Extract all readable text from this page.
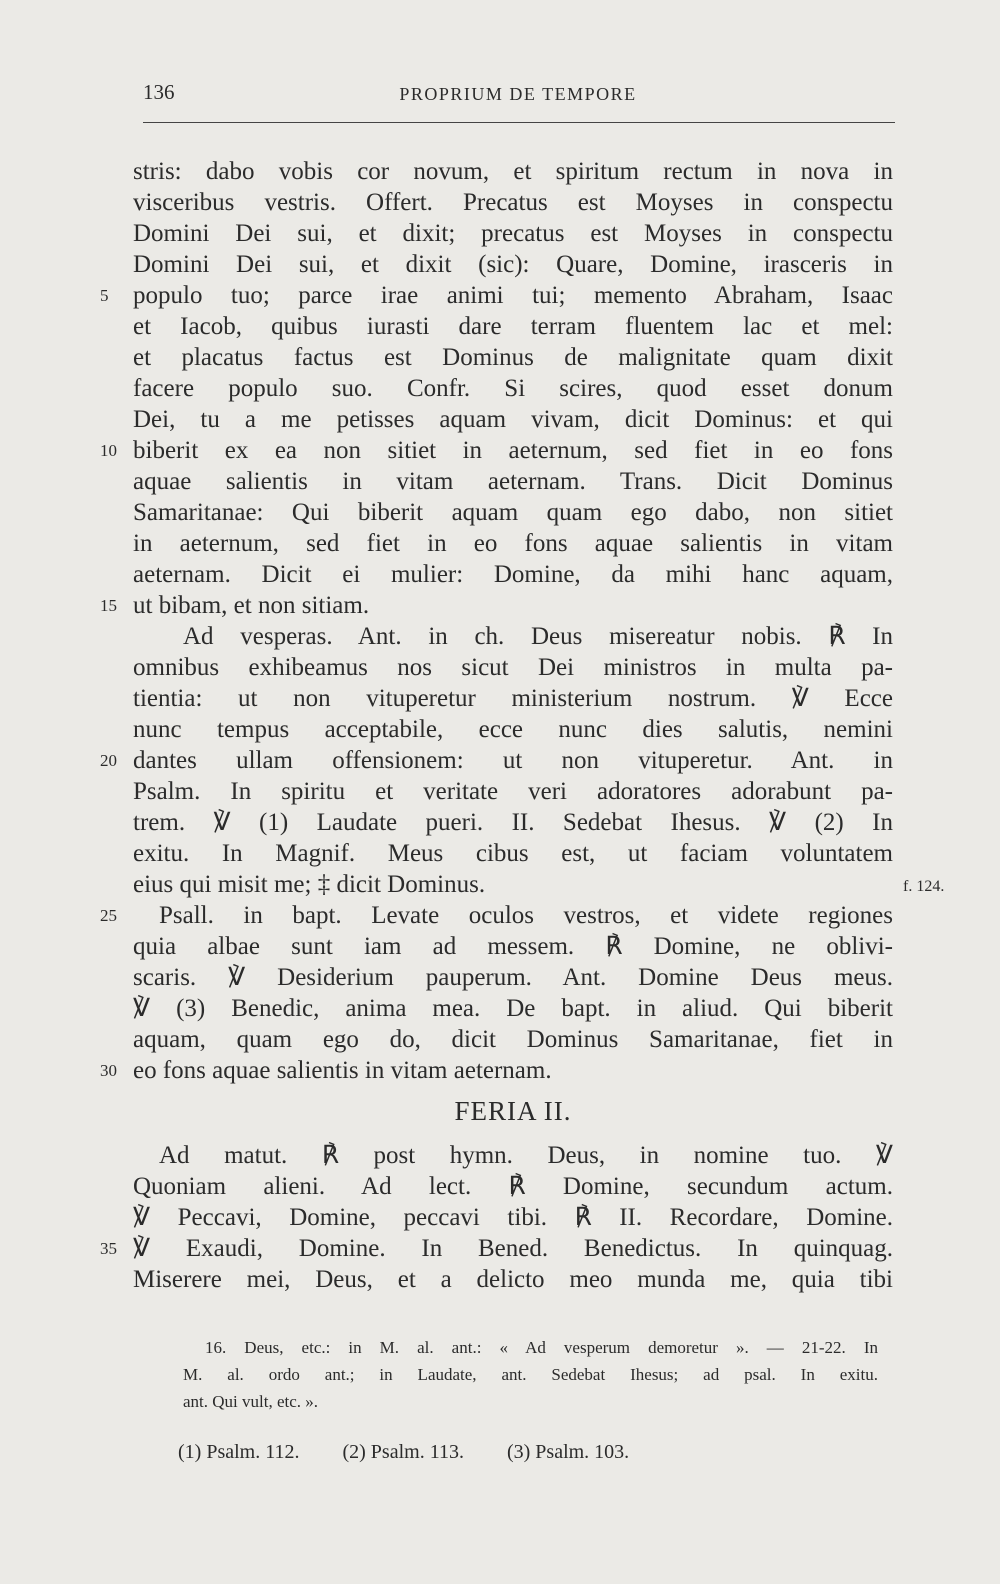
136	PROPRIUM DE TEMPORE
stris: dabo vobis cor novum, et spiritum rectum in nova in
visceribus vestris. Offert. Precatus est Moyses in conspectu
Domini Dei sui, et dixit; precatus est Moyses in conspectu
Domini Dei sui, et dixit (sic): Quare, Domine, irasceris in
populo tuo; parce irae animi tui; memento Abraham, Isaac
et Iacob, quibus iurasti dare terram fluentem lac et mel:
et placatus factus est Dominus de malignitate quam dixit
facere populo suo. Confr. Si scires, quod esset donum
Dei, tu a me petisses aquam vivam, dicit Dominus: et qui
biberit ex ea non sitiet in aeternum, sed fiet in eo fons
aquae salientis in vitam aeternam. Trans. Dicit Dominus
Samaritanae: Qui biberit aquam quam ego dabo, non sitiet
in aeternum, sed fiet in eo fons aquae salientis in vitam
aeternam. Dicit ei mulier: Domine, da mihi hanc aquam,
ut bibam, et non sitiam.
Ad vesperas. Ant. in ch. Deus misereatur nobis. ℟ In
omnibus exhibeamus nos sicut Dei ministros in multa pa-
tientia: ut non vituperetur ministerium nostrum. ℣ Ecce
nunc tempus acceptabile, ecce nunc dies salutis, nemini
dantes ullam offensionem: ut non vituperetur. Ant. in
Psalm. In spiritu et veritate veri adoratores adorabunt pa-
trem. ℣ (1) Laudate pueri. II. Sedebat Ihesus. ℣ (2) In
exitu. In Magnif. Meus cibus est, ut faciam voluntatem
eius qui misit me; ‡ dicit Dominus.
Psall. in bapt. Levate oculos vestros, et videte regiones
quia albae sunt iam ad messem. ℟ Domine, ne oblivi-
scaris. ℣ Desiderium pauperum. Ant. Domine Deus meus.
℣ (3) Benedic, anima mea. De bapt. in aliud. Qui biberit
aquam, quam ego do, dicit Dominus Samaritanae, fiet in
eo fons aquae salientis in vitam aeternam.
FERIA II.
Ad matut. ℟ post hymn. Deus, in nomine tuo. ℣
Quoniam alieni. Ad lect. ℟ Domine, secundum actum.
℣ Peccavi, Domine, peccavi tibi. ℟ II. Recordare, Domine.
℣ Exaudi, Domine. In Bened. Benedictus. In quinquag.
Miserere mei, Deus, et a delicto meo munda me, quia tibi
5
10
15
20
25
30
35
f. 124.
16. Deus, etc.: in M. al. ant.: « Ad vesperum demoretur ». — 21-22. In
M. al. ordo ant.; in Laudate, ant. Sedebat Ihesus; ad psal. In exitu.
ant. Qui vult, etc. ».
(1) Psalm. 112. (2) Psalm. 113. (3) Psalm. 103.
